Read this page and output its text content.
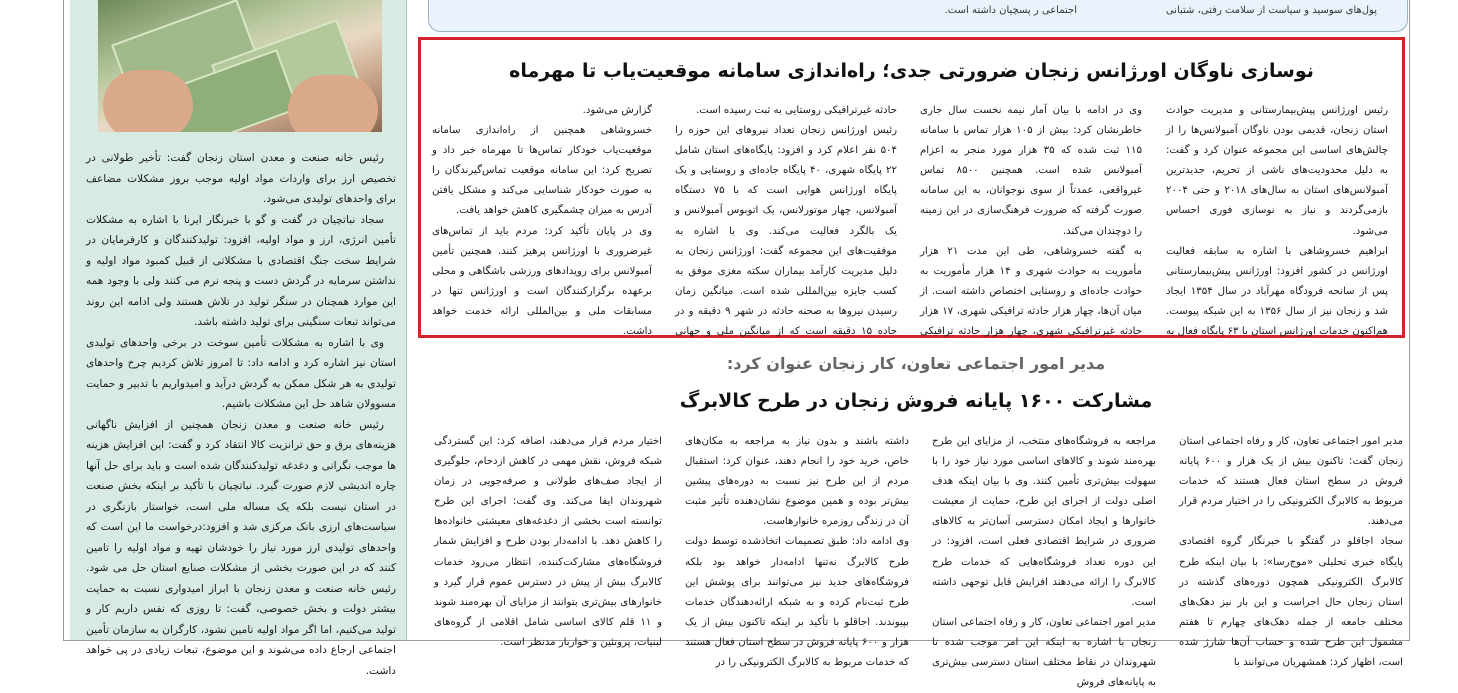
رئیس خانه صنعت و معدن استان زنجان گفت: تأخیر طولانی در تخصیص ارز برای واردات مواد اولیه موجب بروز مشکلات مضاعف برای واحدهای تولیدی می‌شود.

سجاد نباتچیان در گفت و گو با خبرنگار ایرنا با اشاره به مشکلات تأمین انرژی، ارز و مواد اولیه، افزود: تولیدکنندگان و کارفرمایان در شرایط سخت جنگ اقتصادی با مشکلاتی از قبیل کمبود مواد اولیه و نداشتن سرمایه در گردش دست و پنجه نرم می کنند ولی با وجود همه این موارد همچنان در سنگر تولید در تلاش هستند ولی ادامه این روند می‌تواند تبعات سنگینی برای تولید داشته باشد.

وی با اشاره به مشکلات تأمین سوخت در برخی واحدهای تولیدی استان نیز اشاره کرد و ادامه داد: تا امروز تلاش کردیم چرخ واحدهای تولیدی به هر شکل ممکن به گردش درآید و امیدواریم با تدبیر و حمایت مسوولان شاهد حل این مشکلات باشیم.

رئیس خانه صنعت و معدن زنجان همچنین از افزایش ناگهانی هزینه‌های برق و حق ترانزیت کالا انتقاد کرد و گفت: این افزایش هزینه ها موجب نگرانی و دغدغه تولیدکنندگان شده است و باید برای حل آنها چاره اندیشی لازم صورت گیرد. نباتچیان با تأکید بر اینکه بخش صنعت در استان نیست بلکه یک مساله ملی است، خواستار بازنگری در سیاست‌های ارزی بانک مرکزی شد و افزود:درخواست ما این است که واحدهای تولیدی ارز مورد نیاز را خودشان تهیه و مواد اولیه را تامین کنند که در این صورت بخشی از مشکلات صنایع استان حل می شود. رئیس خانه صنعت و معدن زنجان با ابراز امیدواری نسبت به حمایت بیشتر دولت و بخش خصوصی، گفت: تا روزی که نفس داریم کار و تولید می‌کنیم، اما اگر مواد اولیه تامین نشود، کارگران به سازمان تأمین اجتماعی ارجاع داده می‌شوند و این موضوع، تبعات زیادی در پی خواهد داشت.

پول‌های سوسید و سیاست از سلامت رفتی، شتبانی
اجتماعی ر پسچیان داشته است.
نوسازی ناوگان اورژانس زنجان ضرورتی جدی؛ راه‌اندازی سامانه موقعیت‌یاب تا مهرماه

رئیس اورژانس پیش‌بیمارستانی و مدیریت حوادث استان زنجان، قدیمی بودن ناوگان آمبولانس‌ها را از چالش‌های اساسی این مجموعه عنوان کرد و گفت: به دلیل محدودیت‌های ناشی از تحریم، جدیدترین آمبولانس‌های استان به سال‌های ۲۰۱۸ و حتی ۲۰۰۴ بازمی‌گردند و نیاز به نوسازی فوری احساس می‌شود.

ابراهیم خسروشاهی با اشاره به سابقه فعالیت اورژانس در کشور افزود: اورژانس پیش‌بیمارستانی پس از سانحه فرودگاه مهرآباد در سال ۱۳۵۴ ایجاد شد و زنجان نیز از سال ۱۳۵۶ به این شبکه پیوست. هم‌اکنون خدمات اورژانس استان با ۶۳ پایگاه فعال به

وی در ادامه با بیان آمار نیمه نخست سال جاری خاطرنشان کرد: بیش از ۱۰۵ هزار تماس با سامانه ۱۱۵ ثبت شده که ۳۵ هزار مورد منجر به اعزام آمبولانس شده است. همچنین ۸۵۰۰ تماس غیرواقعی، عمدتاً از سوی نوجوانان، به این سامانه صورت گرفته که ضرورت فرهنگ‌سازی در این زمینه را دوچندان می‌کند.

به گفته خسروشاهی، طی این مدت ۲۱ هزار مأموریت به حوادث شهری و ۱۴ هزار مأموریت به حوادث جاده‌ای و روستایی اختصاص داشته است. از میان آن‌ها، چهار هزار حادثه ترافیکی شهری، ۱۷ هزار حادثه غیرترافیکی شهری، چهار هزار حادثه ترافیکی

حادثه غیرترافیکی روستایی به ثبت رسیده است.

رئیس اورژانس زنجان تعداد نیروهای این حوزه را ۵۰۴ نفر اعلام کرد و افزود: پایگاه‌های استان شامل ۲۲ پایگاه شهری، ۴۰ پایگاه جاده‌ای و روستایی و یک پایگاه اورژانس هوایی است که با ۷۵ دستگاه آمبولانس، چهار موتورلانس، یک اتوبوس آمبولانس و یک بالگرد فعالیت می‌کند. وی با اشاره به موفقیت‌های این مجموعه گفت: اورژانس زنجان به دلیل مدیریت کارآمد بیماران سکته مغزی موفق به کسب جایزه بین‌المللی شده است. میانگین زمان رسیدن نیروها به صحنه حادثه در شهر ۹ دقیقه و در جاده ۱۵ دقیقه است که از میانگین ملی و جهانی

گزارش می‌شود.

خسروشاهی همچنین از راه‌اندازی سامانه موقعیت‌یاب خودکار تماس‌ها تا مهرماه خبر داد و تصریح کرد: این سامانه موقعیت تماس‌گیرندگان را به صورت خودکار شناسایی می‌کند و مشکل یافتن آدرس به میزان چشمگیری کاهش خواهد یافت.

وی در پایان تأکید کرد: مردم باید از تماس‌های غیرضروری با اورژانس پرهیز کنند. همچنین تأمین آمبولانس برای رویدادهای ورزشی باشگاهی و محلی برعهده برگزارکنندگان است و اورژانس تنها در مسابقات ملی و بین‌المللی ارائه خدمت خواهد داشت.

مدیر امور اجتماعی تعاون، کار زنجان عنوان کرد:
مشارکت ۱۶۰۰ پایانه فروش زنجان در طرح کالابرگ

مدیر امور اجتماعی تعاون، کار و رفاه اجتماعی استان زنجان گفت: تاکنون بیش از یک هزار و ۶۰۰ پایانه فروش در سطح استان فعال هستند که خدمات مربوط به کالابرگ الکترونیکی را در اختیار مردم قرار می‌دهند.

سجاد اجاقلو در گفتگو با خبرنگار گروه اقتصادی پایگاه خبری تحلیلی «موج‌رسا»: با بیان اینکه طرح کالابرگ الکترونیکی همچون دوره‌های گذشته در استان زنجان حال اجراست و این بار نیز دهک‌های مختلف جامعه از جمله دهک‌های چهارم تا هفتم مشمول این طرح شده و حساب آن‌ها شارژ شده است، اظهار کرد: همشهریان می‌توانند با

مراجعه به فروشگاه‌های منتخب، از مزایای این طرح بهره‌مند شوند و کالاهای اساسی مورد نیاز خود را با سهولت بیش‌تری تأمین کنند. وی با بیان اینکه هدف اصلی دولت از اجرای این طرح، حمایت از معیشت خانوارها و ایجاد امکان دسترسی آسان‌تر به کالاهای ضروری در شرایط اقتصادی فعلی است، افزود: در این دوره تعداد فروشگاه‌هایی که خدمات طرح کالابرگ را ارائه می‌دهند افزایش قابل توجهی داشته است.

مدیر امور اجتماعی تعاون، کار و رفاه اجتماعی استان زنجان با اشاره به اینکه این امر موجب شده تا شهروندان در نقاط مختلف استان دسترسی بیش‌تری به پایانه‌های فروش

داشته باشند و بدون نیاز به مراجعه به مکان‌های خاص، خرید خود را انجام دهند، عنوان کرد: استقبال مردم از این طرح نیز نسبت به دوره‌های پیشین بیش‌تر بوده و همین موضوع نشان‌دهنده تأثیر مثبت آن در زندگی روزمره خانوارهاست.

وی ادامه داد: طبق تصمیمات اتخاذشده توسط دولت طرح کالابرگ نه‌تنها ادامه‌دار خواهد بود بلکه فروشگاه‌های جدید نیز می‌توانند برای پوشش این طرح ثبت‌نام کرده و به شبکه ارائه‌دهندگان خدمات بپیوندند. اجاقلو با تأکید بر اینکه تاکنون بیش از یک هزار و ۶۰۰ پایانه فروش در سطح استان فعال هستند که خدمات مربوط به کالابرگ الکترونیکی را در

اختیار مردم قرار می‌دهند، اضافه کرد: این گستردگی شبکه فروش، نقش مهمی در کاهش ازدحام، جلوگیری از ایجاد صف‌های طولانی و صرفه‌جویی در زمان شهروندان ایفا می‌کند. وی گفت: اجرای این طرح توانسته است بخشی از دغدغه‌های معیشتی خانواده‌ها را کاهش دهد. با ادامه‌دار بودن طرح و افزایش شمار فروشگاه‌های مشارکت‌کننده، انتظار می‌رود خدمات کالابرگ بیش از پیش در دسترس عموم قرار گیرد و خانوارهای بیش‌تری بتوانند از مزایای آن بهره‌مند شوند و ۱۱ قلم کالای اساسی شامل اقلامی از گروه‌های لبنیات، پروتئین و خواربار مدنظر است.
